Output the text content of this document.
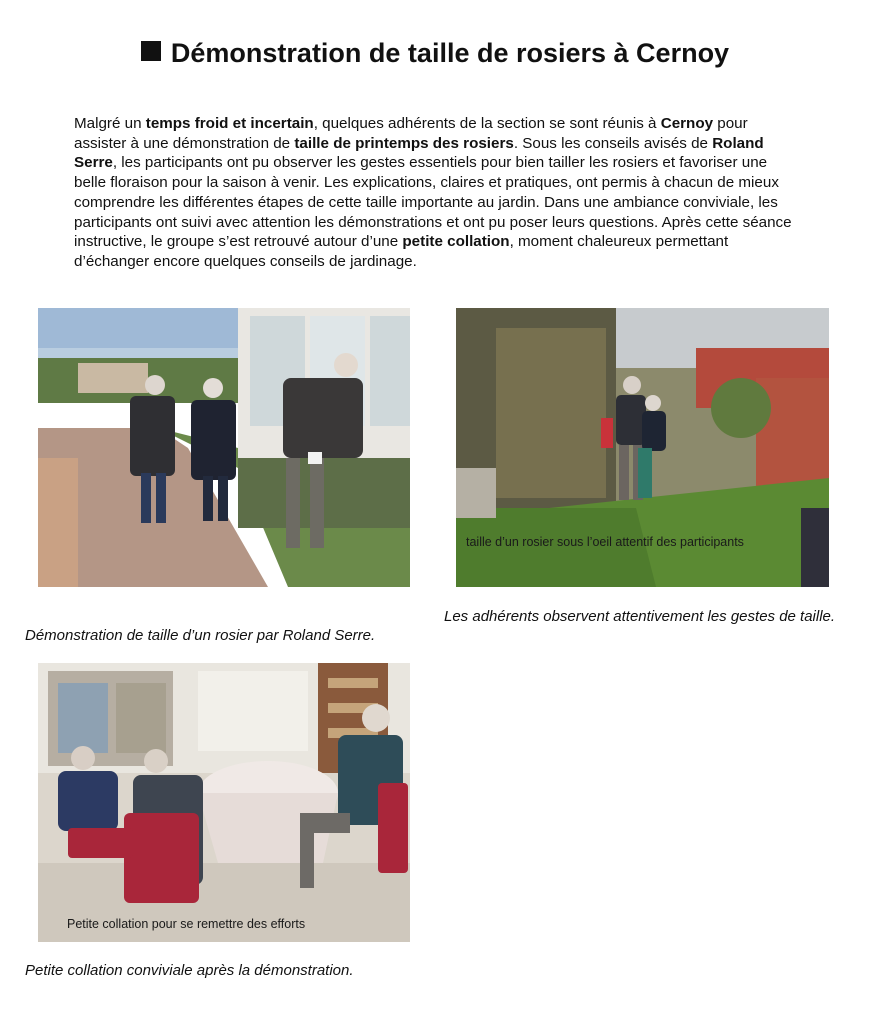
Démonstration de taille de rosiers à Cernoy
Malgré un temps froid et incertain, quelques adhérents de la section se sont réunis à Cernoy pour assister à une démonstration de taille de printemps des rosiers. Sous les conseils avisés de Roland Serre, les participants ont pu observer les gestes essentiels pour bien tailler les rosiers et favoriser une belle floraison pour la saison à venir. Les explications, claires et pratiques, ont permis à chacun de mieux comprendre les différentes étapes de cette taille importante au jardin. Dans une ambiance conviviale, les participants ont suivi avec attention les démonstrations et ont pu poser leurs questions. Après cette séance instructive, le groupe s’est retrouvé autour d’une petite collation, moment chaleureux permettant d’échanger encore quelques conseils de jardinage.
Démonstration de taille d’un rosier par Roland Serre.
taille d’un rosier sous l’oeil attentif des participants
Les adhérents observent attentivement les gestes de taille.
Petite collation pour se remettre des efforts
Petite collation conviviale après la démonstration.
